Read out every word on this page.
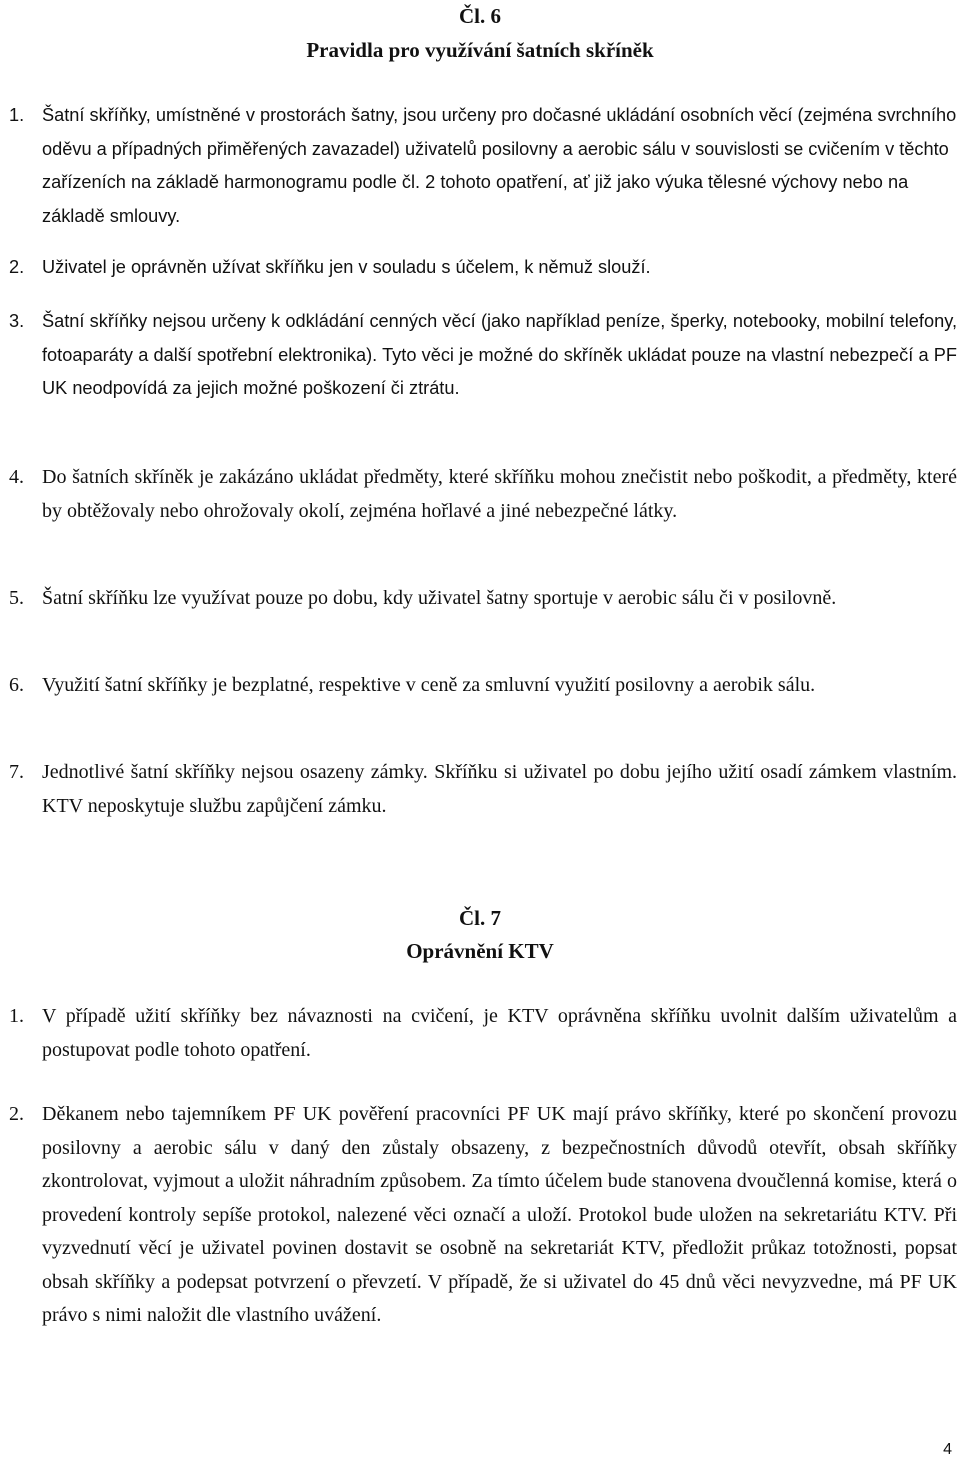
Čl. 6
Pravidla pro využívání šatních skříněk
1. Šatní skříňky, umístněné v prostorách šatny, jsou určeny pro dočasné ukládání osobních věcí (zejména svrchního oděvu a případných přiměřených zavazadel) uživatelů posilovny a aerobic sálu v souvislosti se cvičením v těchto zařízeních na základě harmonogramu podle čl. 2 tohoto opatření, ať již jako výuka tělesné výchovy nebo na základě smlouvy.
2. Uživatel je oprávněn užívat skříňku jen v souladu s účelem, k němuž slouží.
3. Šatní skříňky nejsou určeny k odkládání cenných věcí (jako například peníze, šperky, notebooky, mobilní telefony, fotoaparáty a další spotřební elektronika). Tyto věci je možné do skříněk ukládat pouze na vlastní nebezpečí a PF UK neodpovídá za jejich možné poškození či ztrátu.
4. Do šatních skříněk je zakázáno ukládat předměty, které skříňku mohou znečistit nebo poškodit, a předměty, které by obtěžovaly nebo ohrožovaly okolí, zejména hořlavé a jiné nebezpečné látky.
5. Šatní skříňku lze využívat pouze po dobu, kdy uživatel šatny sportuje v aerobic sálu či v posilovně.
6. Využití šatní skříňky je bezplatné, respektive v ceně za smluvní využití posilovny a aerobik sálu.
7. Jednotlivé šatní skříňky nejsou osazeny zámky. Skříňku si uživatel po dobu jejího užití osadí zámkem vlastním. KTV neposkytuje službu zapůjčení zámku.
Čl. 7
Oprávnění KTV
1. V případě užití skříňky bez návaznosti na cvičení, je KTV oprávněna skříňku uvolnit dalším uživatelům a postupovat podle tohoto opatření.
2. Děkanem nebo tajemníkem PF UK pověření pracovníci PF UK mají právo skříňky, které po skončení provozu posilovny a aerobic sálu v daný den zůstaly obsazeny, z bezpečnostních důvodů otevřít, obsah skříňky zkontrolovat, vyjmout a uložit náhradním způsobem. Za tímto účelem bude stanovena dvoučlenná komise, která o provedení kontroly sepíše protokol, nalezené věci označí a uloží. Protokol bude uložen na sekretariátu KTV. Při vyzvednutí věcí je uživatel povinen dostavit se osobně na sekretariát KTV, předložit průkaz totožnosti, popsat obsah skříňky a podepsat potvrzení o převzetí. V případě, že si uživatel do 45 dnů věci nevyzvedne, má PF UK právo s nimi naložit dle vlastního uvážení.
4
